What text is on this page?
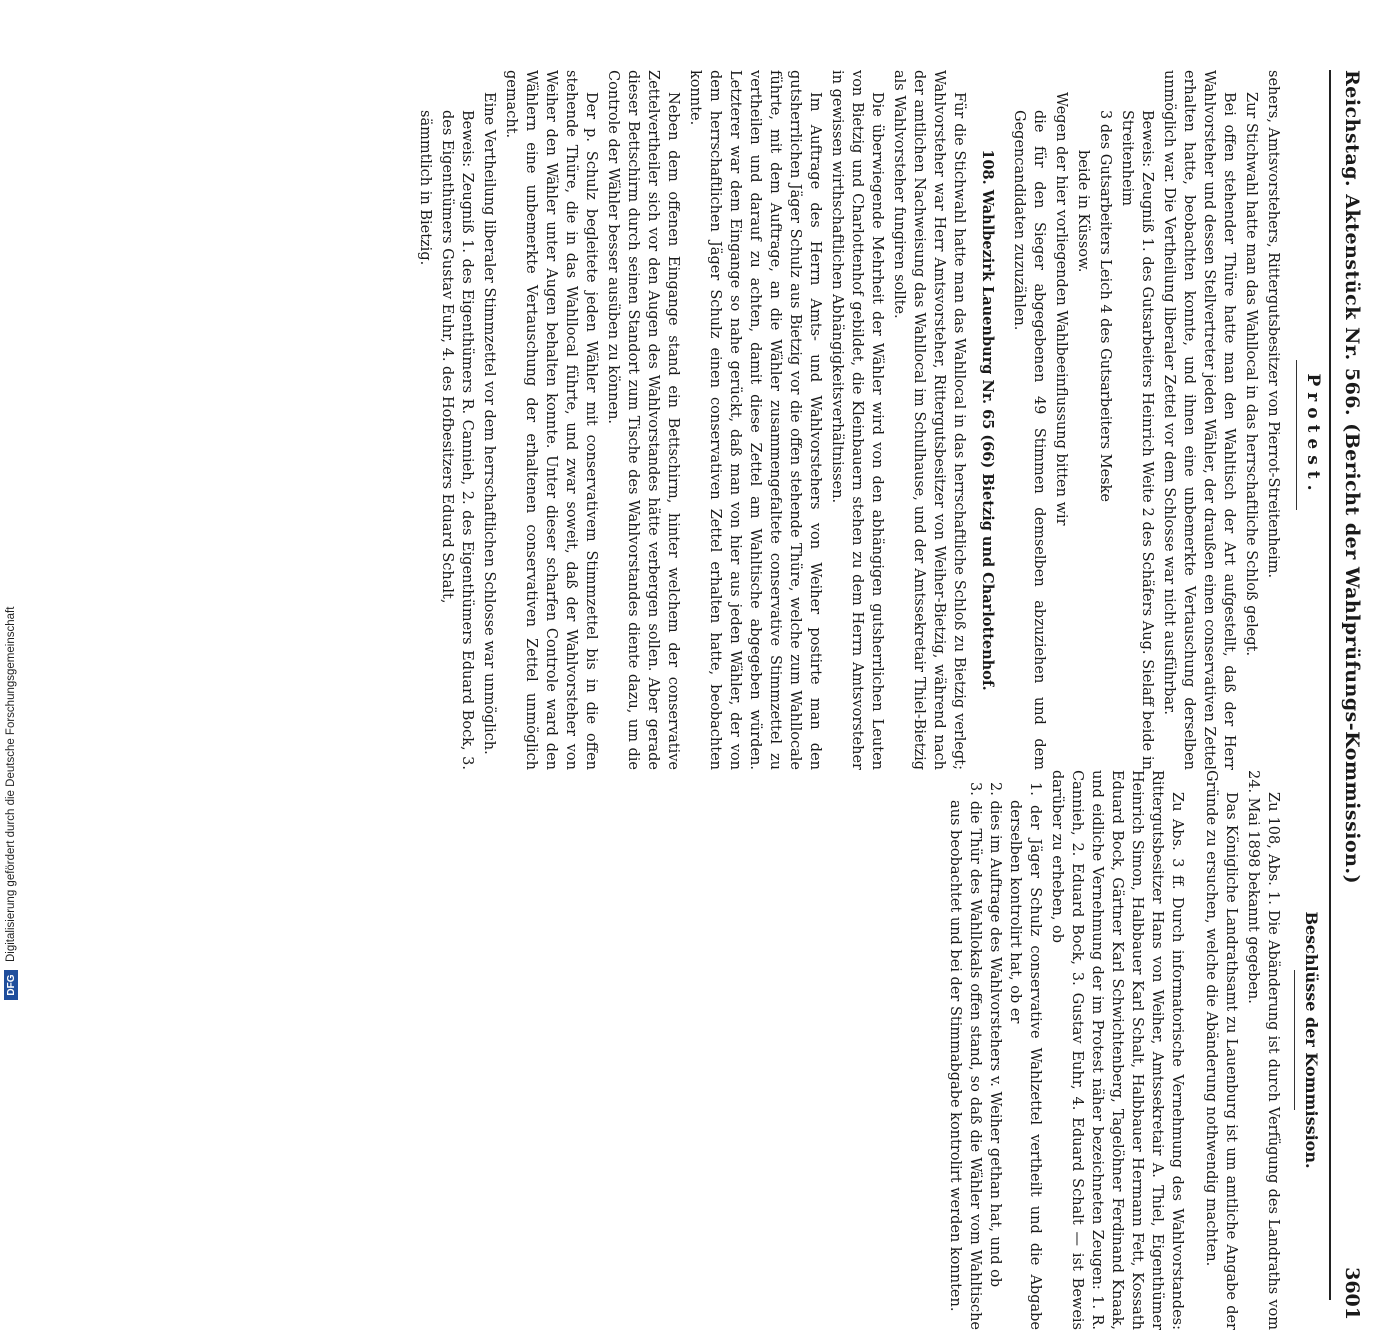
Reichstag. Aktenstück Nr. 566. (Bericht der Wahlprüfungs-Kommission.)
3601
Protest.
Beschlüsse der Kommission.

sehers, Amtsvorstehers, Rittergutsbesitzer von Pierrot-Streitenheim.

Zur Stichwahl hatte man das Wahllocal in das herrschaftliche Schloß gelegt.

Bei offen stehender Thüre hatte man den Wahltisch der Art aufgestellt, daß der Herr Wahlvorsteher und dessen Stellvertreter jeden Wähler, der draußen einen conservativen Zettel erhalten hatte, beobachten konnte, und ihnen eine unbemerkte Vertauschung derselben unmöglich war. Die Vertheilung liberaler Zettel vor dem Schlosse war nicht ausführbar.

Beweis: Zeugniß 1. des Gutsarbeiters Heinrich Weite 2 des Schäfers Aug. Sielaff beide in Streitenheim

3 des Gutsarbeiters Leich 4 des Gutsarbeiters Meske

beide in Küssow.

Wegen der hier vorliegenden Wahlbeeinflussung bitten wir

die für den Sieger abgegebenen 49 Stimmen demselben abzuziehen und dem Gegencandidaten zuzuzählen.

108. Wahlbezirk Lauenburg Nr. 65 (66) Bietzig und Charlottenhof.

Für die Stichwahl hatte man das Wahllocal in das herrschaftliche Schloß zu Bietzig verlegt; Wahlvorsteher war Herr Amtsvorsteher, Rittergutsbesitzer von Weiher-Bietzig, während nach der amtlichen Nachweisung das Wahllocal im Schulhause, und der Amtssekretair Thiel-Bietzig als Wahlvorsteher fungiren sollte.

Die überwiegende Mehrheit der Wähler wird von den abhängigen gutsherrlichen Leuten von Bietzig und Charlottenhof gebildet, die Kleinbauern stehen zu dem Herrn Amtsvorsteher in gewissen wirthschaftlichen Abhängigkeitsverhältnissen.

Im Auftrage des Herrn Amts- und Wahlvorstehers von Weiher postirte man den gutsherrlichen Jäger Schulz aus Bietzig vor die offen stehende Thüre, welche zum Wahllocale führte, mit dem Auftrage, an die Wähler zusammengefaltete conservative Stimmzettel zu vertheilen und darauf zu achten, damit diese Zettel am Wahltische abgegeben würden. Letzterer war dem Eingange so nahe gerückt, daß man von hier aus jeden Wähler, der von dem herrschaftlichen Jäger Schulz einen conservativen Zettel erhalten hatte, beobachten konnte.

Neben dem offenen Eingange stand ein Bettschirm, hinter welchem der conservative Zettelvertheiler sich vor den Augen des Wahlvorstandes hätte verbergen sollen. Aber gerade dieser Bettschirm durch seinen Standort zum Tische des Wahlvorstandes diente dazu, um die Controle der Wähler besser ausüben zu können.

Der p. Schulz begleitete jeden Wähler mit conservativem Stimmzettel bis in die offen stehende Thüre, die in das Wahllocal führte, und zwar soweit, daß der Wahlvorsteher von Weiher den Wähler unter Augen behalten konnte. Unter dieser scharfen Controle ward den Wählern eine unbemerkte Vertauschung der erhaltenen conservativen Zettel unmöglich gemacht.

Eine Vertheilung liberaler Stimmzettel vor dem herrschaftlichen Schlosse war unmöglich.

Beweis: Zeugniß 1. des Eigenthümers R. Cannieh, 2. des Eigenthümers Eduard Bock, 3. des Eigenthümers Gustav Euhr, 4. des Hofbesitzers Eduard Schalt,

sämmtlich in Bietzig.

Zu 108, Abs. 1. Die Abänderung ist durch Verfügung des Landraths vom 24. Mai 1898 bekannt gegeben.

Das Königliche Landrathsamt zu Lauenburg ist um amtliche Angabe der Gründe zu ersuchen, welche die Abänderung nothwendig machten.

Zu Abs. 3 ff. Durch informatorische Vernehmung des Wahlvorstandes: Rittergutsbesitzer Hans von Weiher, Amtssekretair A. Thiel, Eigenthümer Heinrich Simon, Halbbauer Karl Schalt, Halbbauer Hermann Fett, Kossath Eduard Bock, Gärtner Karl Schwichtenberg, Tagelöhner Ferdinand Knaak, und eidliche Vernehmung der im Protest näher bezeichneten Zeugen: 1. R. Cannieh, 2. Eduard Bock, 3. Gustav Euhr, 4. Eduard Schalt — ist Beweis darüber zu erheben, ob

1. der Jäger Schulz conservative Wahlzettel vertheilt und die Abgabe derselben kontrolirt hat, ob er
2. dies im Auftrage des Wahlvorstehers v. Weiher gethan hat, und ob
3. die Thür des Wahllokals offen stand, so daß die Wähler vom Wahltische aus beobachtet und bei der Stimmabgabe kontrolirt werden konnten.
DFG
Digitalisierung gefördert durch die Deutsche Forschungsgemeinschaft
